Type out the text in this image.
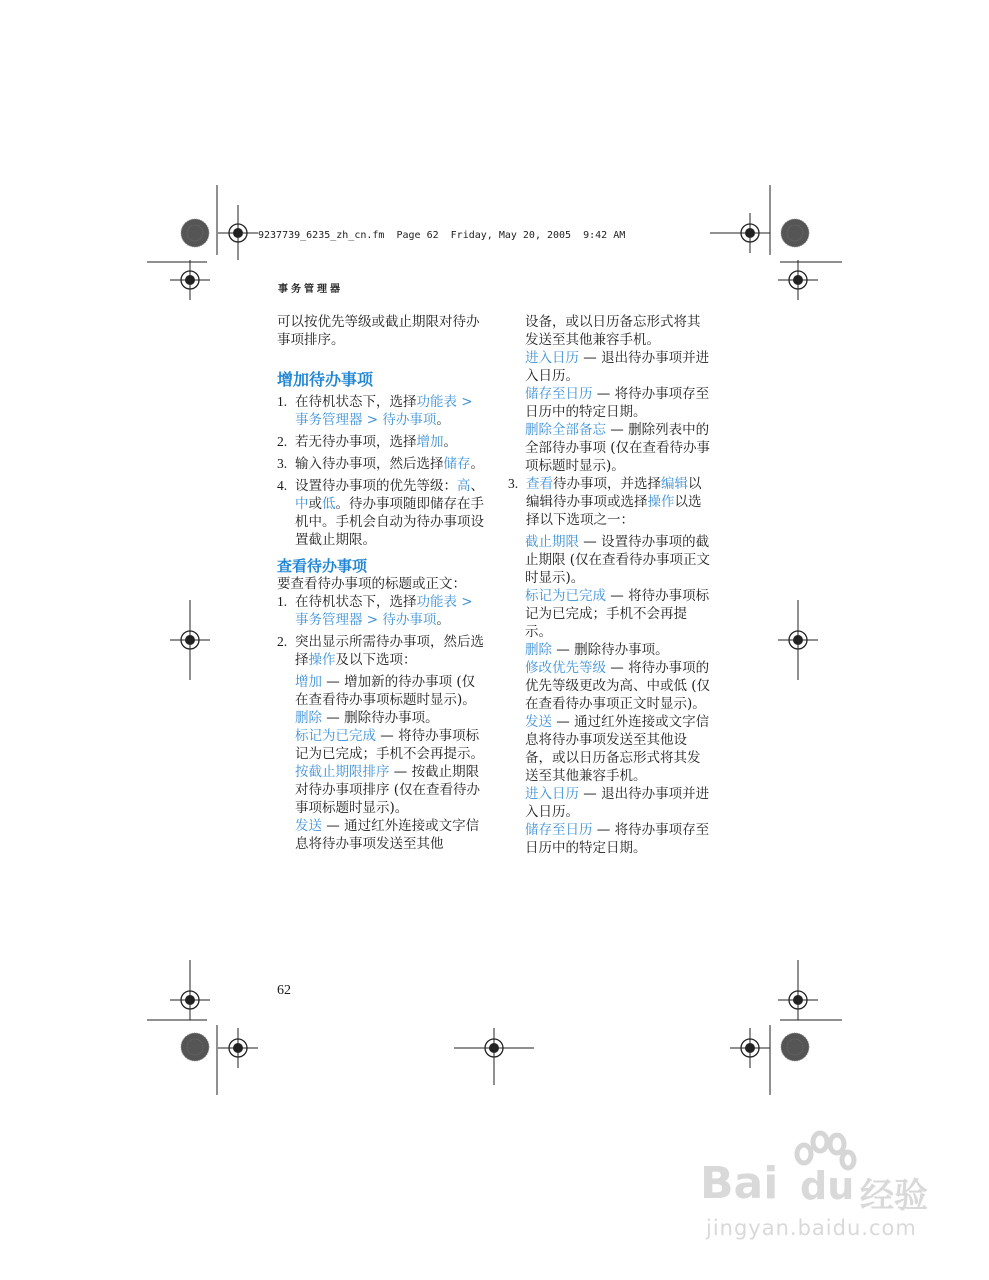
9237739_6235_zh_cn.fm  Page 62  Friday, May 20, 2005  9:42 AM
事务管理器

可以按优先等级或截止期限对待办事项排序。

增加待办事项
1. 在待机状态下，选择功能表 > 事务管理器 > 待办事项。
2. 若无待办事项，选择增加。
3. 输入待办事项，然后选择储存。
4. 设置待办事项的优先等级：高、中或低。待办事项随即储存在手机中。手机会自动为待办事项设置截止期限。
查看待办事项

要查看待办事项的标题或正文：

1. 在待机状态下，选择功能表 > 事务管理器 > 待办事项。
2. 突出显示所需待办事项，然后选择操作及以下选项：

增加 — 增加新的待办事项 (仅在查看待办事项标题时显示)。

删除 — 删除待办事项。

标记为已完成 — 将待办事项标记为已完成；手机不会再提示。

按截止期限排序 — 按截止期限对待办事项排序 (仅在查看待办事项标题时显示)。

发送 — 通过红外连接或文字信息将待办事项发送至其他

设备，或以日历备忘形式将其发送至其他兼容手机。

进入日历 — 退出待办事项并进入日历。

储存至日历 — 将待办事项存至日历中的特定日期。

删除全部备忘 — 删除列表中的全部待办事项 (仅在查看待办事项标题时显示)。

3. 查看待办事项，并选择编辑以编辑待办事项或选择操作以选择以下选项之一：

截止期限 — 设置待办事项的截止期限 (仅在查看待办事项正文时显示)。

标记为已完成 — 将待办事项标记为已完成；手机不会再提示。

删除 — 删除待办事项。

修改优先等级 — 将待办事项的优先等级更改为高、中或低 (仅在查看待办事项正文时显示)。

发送 — 通过红外连接或文字信息将待办事项发送至其他设备，或以日历备忘形式将其发送至其他兼容手机。

进入日历 — 退出待办事项并进入日历。

储存至日历 — 将待办事项存至日历中的特定日期。

62
Bai du 经验
jingyan.baidu.com
